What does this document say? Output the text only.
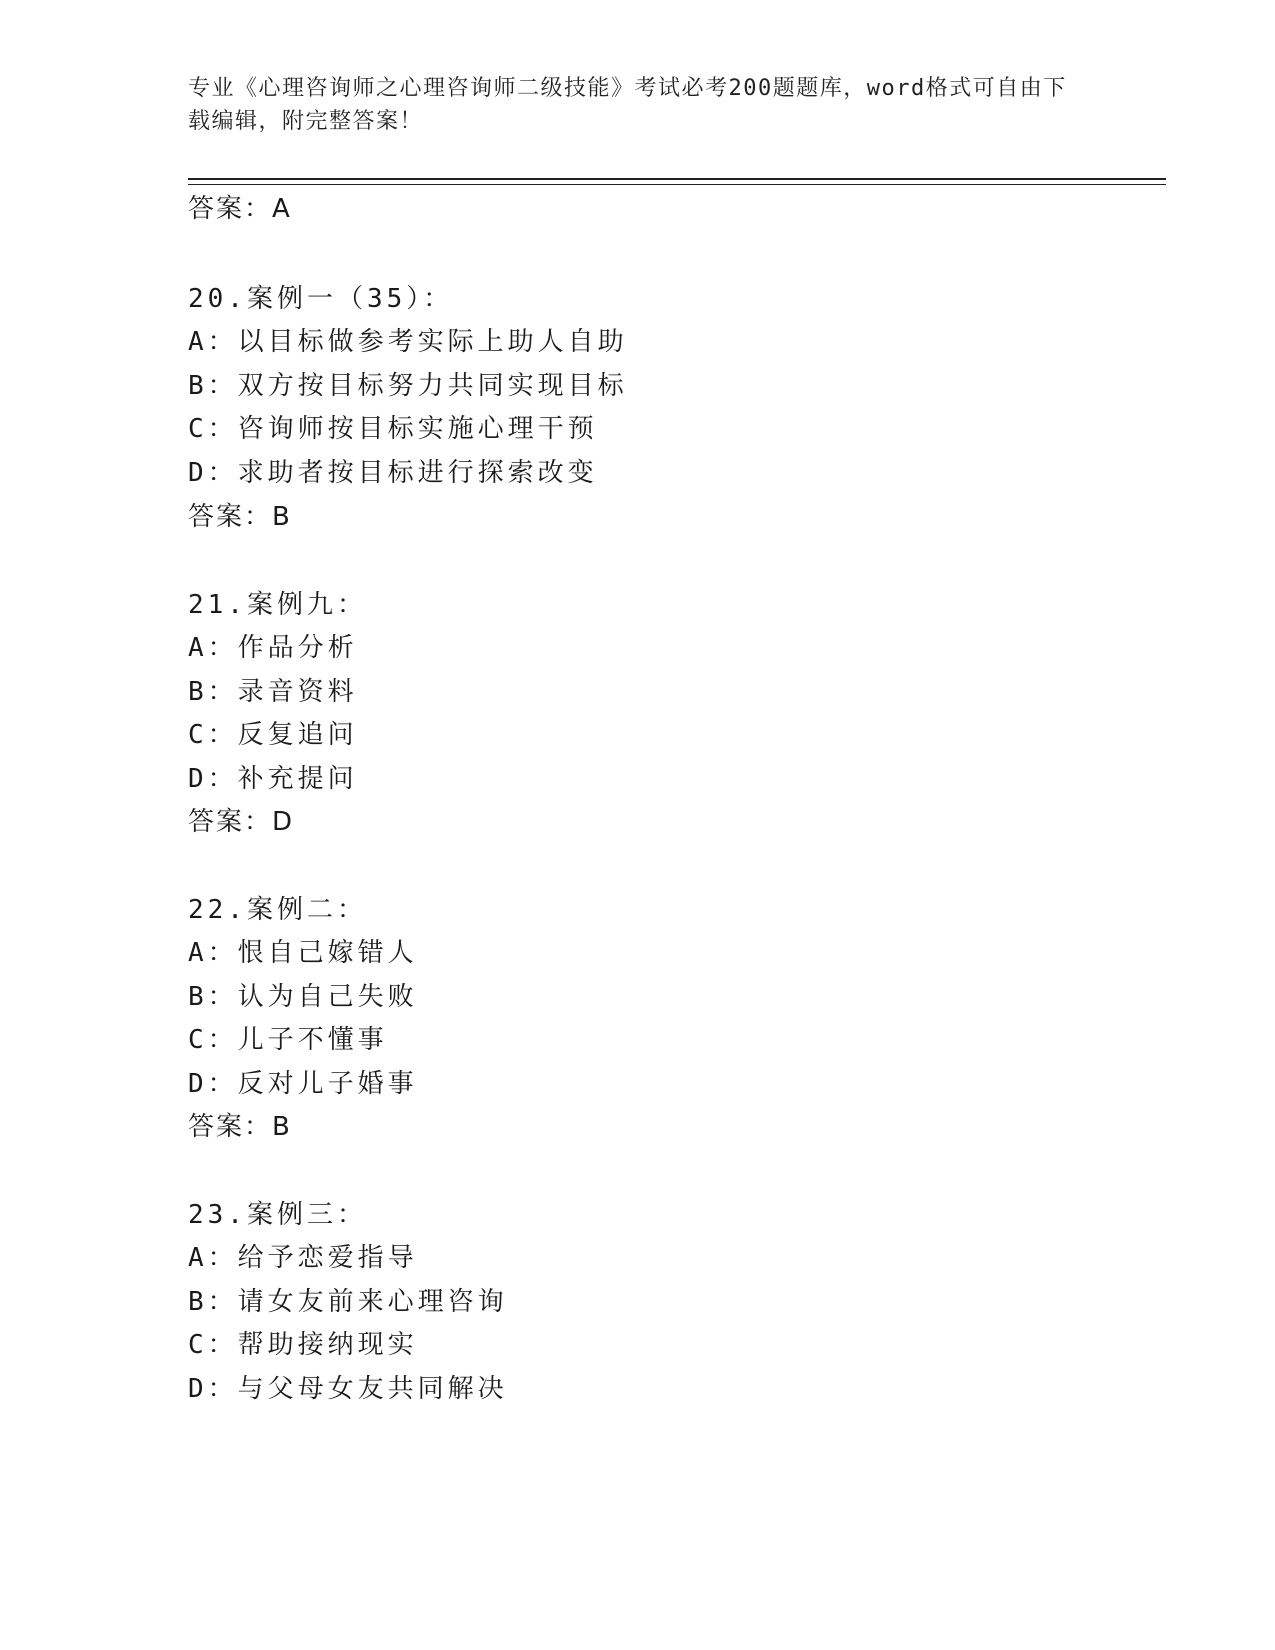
专业《心理咨询师之心理咨询师二级技能》考试必考200题题库，word格式可自由下载编辑，附完整答案！
答案：A
20.案例一（35）：
A：以目标做参考实际上助人自助
B：双方按目标努力共同实现目标
C：咨询师按目标实施心理干预
D：求助者按目标进行探索改变
答案：B
21.案例九：
A：作品分析
B：录音资料
C：反复追问
D：补充提问
答案：D
22.案例二：
A：恨自己嫁错人
B：认为自己失败
C：儿子不懂事
D：反对儿子婚事
答案：B
23.案例三：
A：给予恋爱指导
B：请女友前来心理咨询
C：帮助接纳现实
D：与父母女友共同解决
